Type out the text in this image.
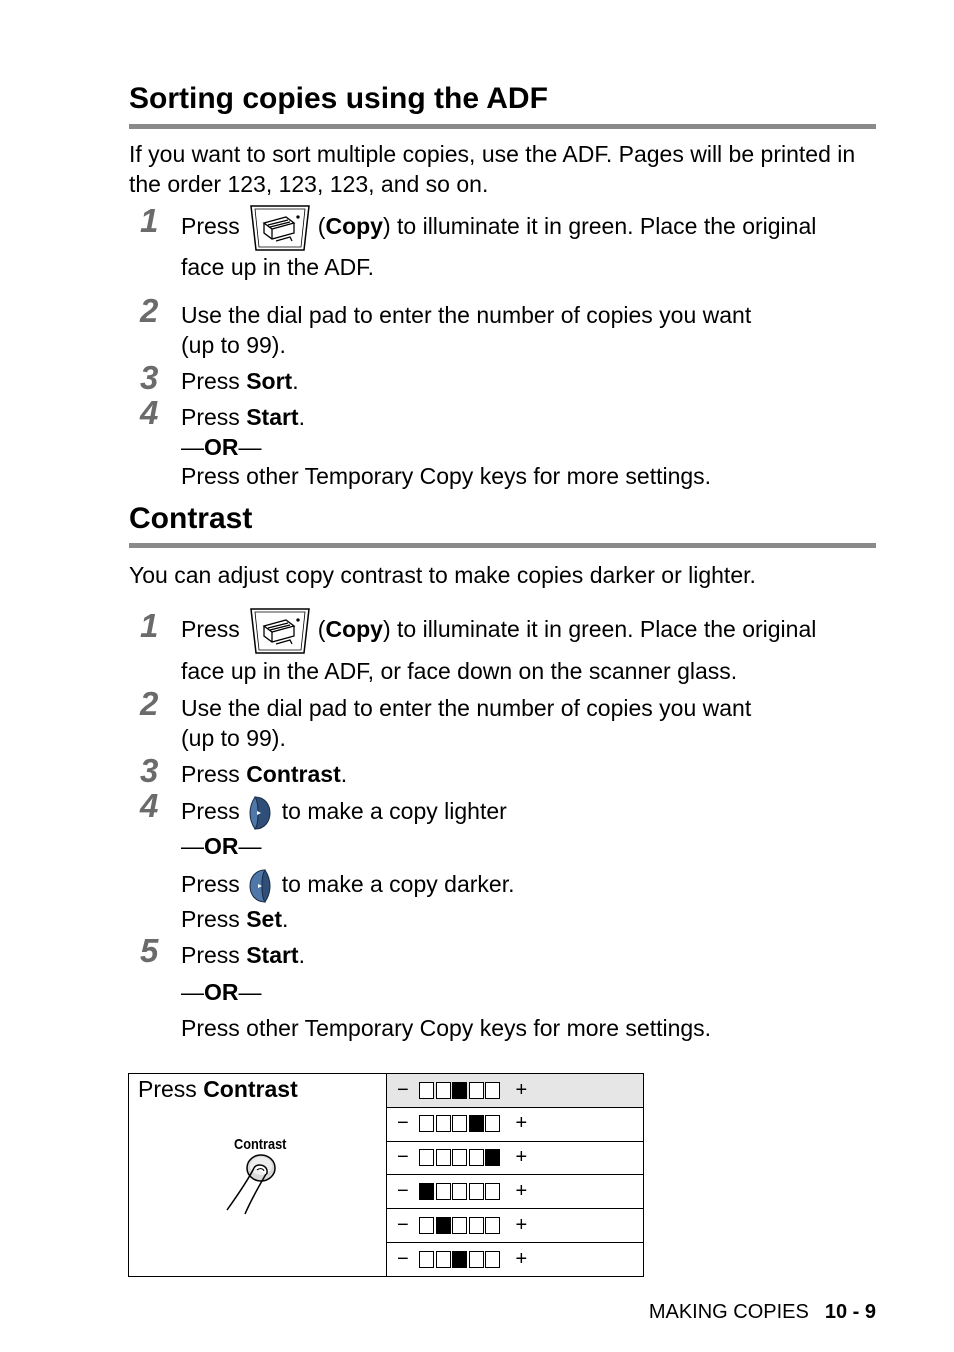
Sorting copies using the ADF
If you want to sort multiple copies, use the ADF. Pages will be printed in the order 123, 123, 123, and so on.
1 Press	(Copy) to illuminate it in green. Place the original
face up in the ADF.
2 Use the dial pad to enter the number of copies you want
(up to 99).
3 Press Sort.
4 Press Start.
—OR—
Press other Temporary Copy keys for more settings.
Contrast
You can adjust copy contrast to make copies darker or lighter.
1 Press	(Copy) to illuminate it in green. Place the original
face up in the ADF, or face down on the scanner glass.
2 Use the dial pad to enter the number of copies you want
(up to 99).
3 Press Contrast.
4 Press to make a copy lighter
—OR—
Press to make a copy darker.
Press Set.
5 Press Start.
—OR—
Press other Temporary Copy keys for more settings.
Press Contrast
Contrast

−	+

−	+

−	+

−	+

−	+

−	+
MAKING COPIES 10 - 9
